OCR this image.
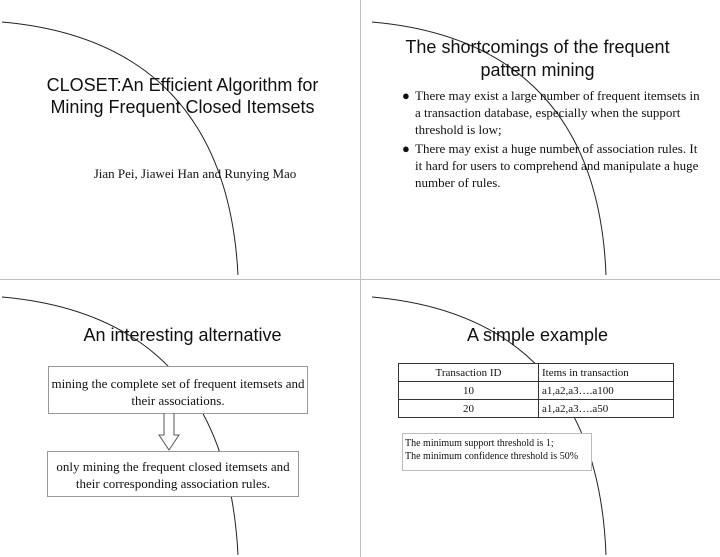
CLOSET:An Efficient Algorithm for Mining Frequent Closed Itemsets
Jian Pei, Jiawei Han and Runying Mao
The shortcomings of the frequent pattern mining
● There may exist a large number of frequent itemsets in a transaction database, especially when the support threshold is low;
● There may exist a huge number of association rules. It it hard for users to comprehend and manipulate a huge number of rules.
An interesting alternative
mining the complete set of frequent itemsets and their associations.
only mining the frequent closed itemsets and their corresponding association rules.
A simple example
Transaction ID	Items in transaction
10	a1,a2,a3….a100
20	a1,a2,a3….a50
The minimum support threshold is 1;
The minimum confidence threshold is 50%
